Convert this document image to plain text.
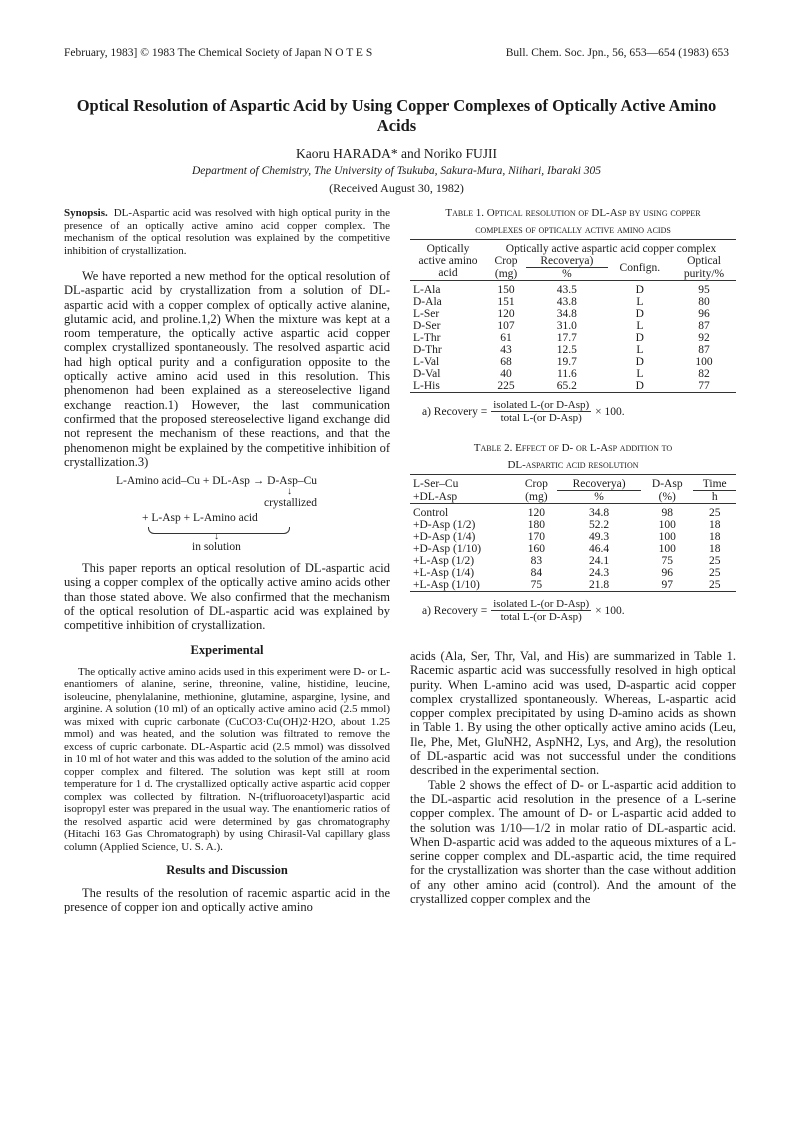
February, 1983] © 1983 The Chemical Society of Japan N O T E S	Bull. Chem. Soc. Jpn., 56, 653—654 (1983) 653
Optical Resolution of Aspartic Acid by Using Copper Complexes of Optically Active Amino Acids
Kaoru HARADA* and Noriko FUJII
Department of Chemistry, The University of Tsukuba, Sakura-Mura, Niihari, Ibaraki 305
(Received August 30, 1982)

Synopsis. DL-Aspartic acid was resolved with high optical purity in the presence of an optically active amino acid copper complex. The mechanism of the optical resolution was explained by the competitive inhibition of crystallization.

We have reported a new method for the optical resolution of DL-aspartic acid by crystallization from a solution of DL-aspartic acid with a copper complex of optically active alanine, glutamic acid, and proline.1,2) When the mixture was kept at a room temperature, the optically active aspartic acid copper complex crystallized spontaneously. The resolved aspartic acid had high optical purity and a configuration opposite to the optically active amino acid used in this resolution. This phenomenon had been explained as a stereoselective ligand exchange reaction.1) However, the last communication confirmed that the proposed stereoselective ligand exchange did not represent the mechanism of these reactions, and that the phenomenon might be explained by the competitive inhibition of crystallization.3)

L-Amino acid–Cu + DL-Asp → D-Asp–Cu
↓
crystallized
+ L-Asp + L-Amino acid
↓
in solution

This paper reports an optical resolution of DL-aspartic acid using a copper complex of the optically active amino acids other than those stated above. We also confirmed that the mechanism of the optical resolution of DL-aspartic acid was explained by competitive inhibition of crystallization.

Experimental

The optically active amino acids used in this experiment were D- or L-enantiomers of alanine, serine, threonine, valine, histidine, leucine, isoleucine, phenylalanine, methionine, glutamine, aspargine, lysine, and arginine. A solution (10 ml) of an optically active amino acid (2.5 mmol) was mixed with cupric carbonate (CuCO3·Cu(OH)2·H2O, about 1.25 mmol) and was heated, and the solution was filtrated to remove the excess of cupric carbonate. DL-Aspartic acid (2.5 mmol) was dissolved in 10 ml of hot water and this was added to the solution of the amino acid copper complex and filtered. The solution was kept still at room temperature for 1 d. The crystallized optically active aspartic acid copper complex was collected by filtration. N-(trifluoroacetyl)aspartic acid isopropyl ester was prepared in the usual way. The enantiomeric ratios of the resolved aspartic acid were determined by gas chromatography (Hitachi 163 Gas Chromatograph) by using Chirasil-Val capillary glass column (Applied Science, U. S. A.).

Results and Discussion

The results of the resolution of racemic aspartic acid in the presence of copper ion and optically active amino

Table 1. Optical resolution of DL-Asp by using copper

complexes of optically active amino acids

Optically active amino acid	Optically active aspartic acid copper complex			
	Crop	Recoverya)	Confign.	Optical
	(mg)	%		purity/%
L-Ala	150	43.5	D	95
D-Ala	151	43.8	L	80
L-Ser	120	34.8	D	96
D-Ser	107	31.0	L	87
L-Thr	61	17.7	D	92
D-Thr	43	12.5	L	87
L-Val	68	19.7	D	100
D-Val	40	11.6	L	82
L-His	225	65.2	D	77
a) Recovery = $\frac{\text{isolated L-(or D-Asp)}}{\text{total L-(or D-Asp)}} \times 100$.

Table 2. Effect of D- or L-Asp addition to

DL-aspartic acid resolution

L-Ser–Cu	Crop	Recoverya)	D-Asp	Time
+DL-Asp	(mg)	%	(%)	h
Control	120	34.8	98	25
+D-Asp (1/2)	180	52.2	100	18
+D-Asp (1/4)	170	49.3	100	18
+D-Asp (1/10)	160	46.4	100	18
+L-Asp (1/2)	83	24.1	75	25
+L-Asp (1/4)	84	24.3	96	25
+L-Asp (1/10)	75	21.8	97	25
a) Recovery = $\frac{\text{isolated L-(or D-Asp)}}{\text{total L-(or D-Asp)}} \times 100$.

acids (Ala, Ser, Thr, Val, and His) are summarized in Table 1. Racemic aspartic acid was successfully resolved in high optical purity. When L-amino acid was used, D-aspartic acid copper complex crystallized spontaneously. Whereas, L-aspartic acid copper complex precipitated by using D-amino acids as shown in Table 1. By using the other optically active amino acids (Leu, Ile, Phe, Met, GluNH2, AspNH2, Lys, and Arg), the resolution of DL-aspartic acid was not successful under the conditions described in the experimental section.

Table 2 shows the effect of D- or L-aspartic acid addition to the DL-aspartic acid resolution in the presence of a L-serine copper complex. The amount of D- or L-aspartic acid added to the solution was 1/10—1/2 in molar ratio of DL-aspartic acid. When D-aspartic acid was added to the aqueous mixtures of a L-serine copper complex and DL-aspartic acid, the time required for the crystallization was shorter than the case without addition of any other amino acid (control). And the amount of the crystallized copper complex and the
